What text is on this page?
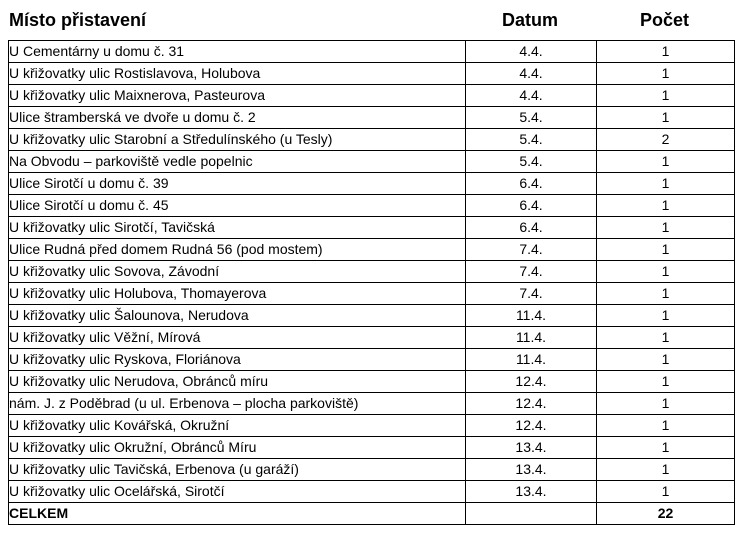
Místo přistavení	Datum	Počet
U Cementárny u domu č. 31	4.4.	1
U křižovatky ulic Rostislavova, Holubova	4.4.	1
U křižovatky ulic Maixnerova, Pasteurova	4.4.	1
Ulice štramberská ve dvoře u domu č. 2	5.4.	1
U křižovatky ulic Starobní a Středulínského (u Tesly)	5.4.	2
Na Obvodu – parkoviště vedle popelnic	5.4.	1
Ulice Sirotčí u domu č. 39	6.4.	1
Ulice Sirotčí u domu č. 45	6.4.	1
U křižovatky ulic Sirotčí, Tavičská	6.4.	1
Ulice Rudná před domem Rudná 56 (pod mostem)	7.4.	1
U křižovatky ulic Sovova, Závodní	7.4.	1
U křižovatky ulic Holubova, Thomayerova	7.4.	1
U křižovatky ulic Šalounova, Nerudova	11.4.	1
U křižovatky ulic Věžní, Mírová	11.4.	1
U křižovatky ulic Ryskova, Floriánova	11.4.	1
U křižovatky ulic Nerudova, Obránců míru	12.4.	1
nám. J. z Poděbrad (u ul. Erbenova – plocha parkoviště)	12.4.	1
U křižovatky ulic Kovářská, Okružní	12.4.	1
U křižovatky ulic Okružní, Obránců Míru	13.4.	1
U křižovatky ulic Tavičská, Erbenova (u garáží)	13.4.	1
U křižovatky ulic Ocelářská, Sirotčí	13.4.	1
CELKEM		22
